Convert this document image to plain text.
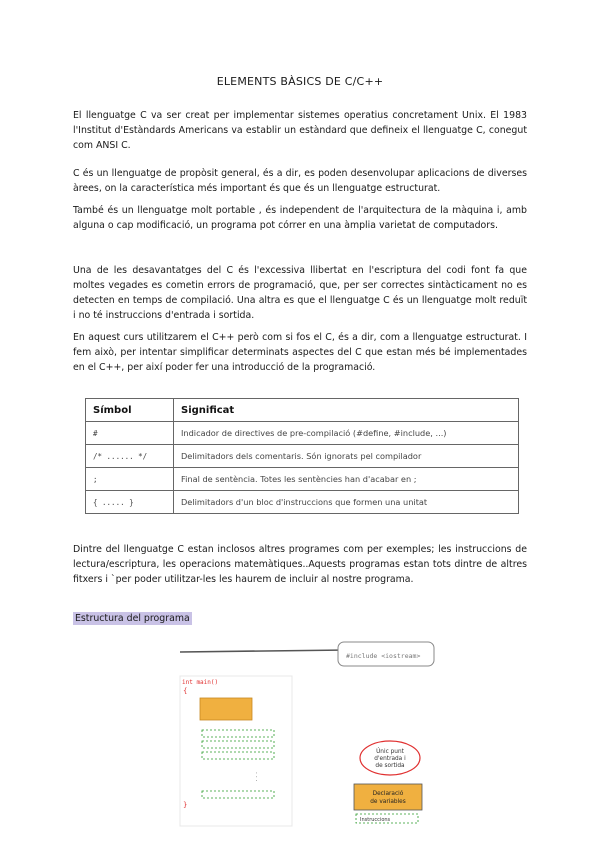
ELEMENTS BÀSICS DE C/C++

El llenguatge C va ser creat per implementar sistemes operatius concretament Unix. El 1983 l'Institut d'Estàndards Americans va establir un estàndard que defineix el llenguatge C, conegut com ANSI C.

C és un llenguatge de propòsit general, és a dir, es poden desenvolupar aplicacions de diverses àrees, on la característica més important és que és un llenguatge estructurat.

També és un llenguatge molt portable , és independent de l'arquitectura de la màquina i, amb alguna o cap modificació, un programa pot córrer en una àmplia varietat de computadors.

Una de les desavantatges del C és l'excessiva llibertat en l'escriptura del codi font fa que moltes vegades es cometin errors de programació, que, per ser correctes sintàcticament no es detecten en temps de compilació. Una altra es que el llenguatge C és un llenguatge molt reduït i no té instruccions d'entrada i sortida.

En aquest curs utilitzarem el C++ però com si fos el C, és a dir, com a llenguatge estructurat. I fem això, per intentar simplificar determinats aspectes del C que estan més bé implementades en el C++, per així poder fer una introducció de la programació.

Símbol	Significat
#	Indicador de directives de pre-compilació (#define, #include, ...)
/* ...... */	Delimitadors dels comentaris. Són ignorats pel compilador
;	Final de sentència. Totes les sentències han d'acabar en ;
{ ..... }	Delimitadors d'un bloc d'instruccions que formen una unitat

Dintre del llenguatge C estan inclosos altres programes com per exemples; les instruccions de lectura/escriptura, les operacions matemàtiques..Aquests programas estan tots dintre de altres fitxers i `per poder utilitzar-les les haurem de incluir al nostre programa.

Estructura del programa
#include <iostream>
int main()
{
}
. . .
Únic punt
d'entrada i
de sortida
Declaració
de variables
Instruccions
